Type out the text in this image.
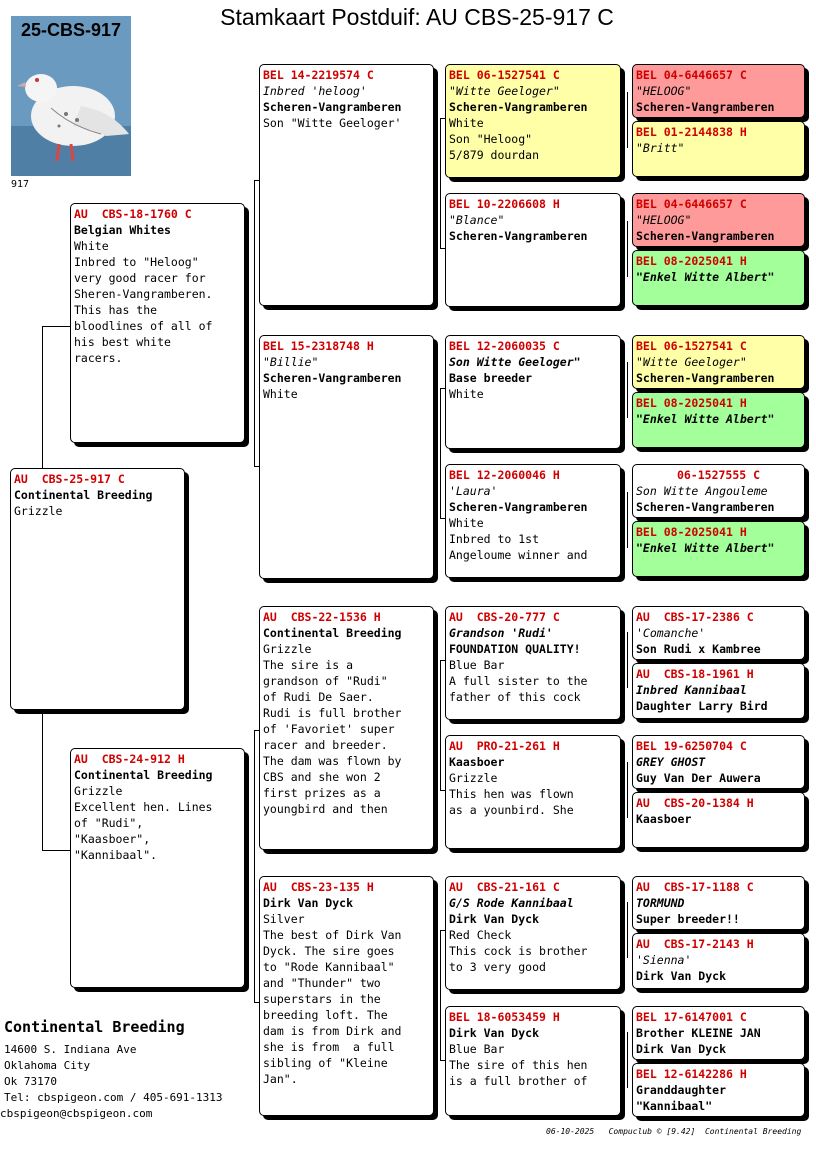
Stamkaart Postduif: AU CBS-25-917 C
25-CBS-917
917
AU  CBS-25-917 C
Continental Breeding
Grizzle
AU  CBS-18-1760 C
Belgian Whites
White
Inbred to "Heloog"
very good racer for
Sheren-Vangramberen.
This has the
bloodlines of all of
his best white
racers.
AU  CBS-24-912 H
Continental Breeding
Grizzle
Excellent hen. Lines
of "Rudi",
"Kaasboer",
"Kannibaal".
BEL 14-2219574 C
Inbred 'heloog'
Scheren-Vangramberen
Son "Witte Geeloger'
BEL 15-2318748 H
"Billie"
Scheren-Vangramberen
White
AU  CBS-22-1536 H
Continental Breeding
Grizzle
The sire is a
grandson of "Rudi"
of Rudi De Saer.
Rudi is full brother
of 'Favoriet' super
racer and breeder.
The dam was flown by
CBS and she won 2
first prizes as a
youngbird and then
AU  CBS-23-135 H
Dirk Van Dyck
Silver
The best of Dirk Van
Dyck. The sire goes
to "Rode Kannibaal"
and "Thunder" two
superstars in the
breeding loft. The
dam is from Dirk and
she is from  a full
sibling of "Kleine
Jan".
BEL 06-1527541 C
"Witte Geeloger"
Scheren-Vangramberen
White
Son "Heloog"
5/879 dourdan
BEL 10-2206608 H
"Blance"
Scheren-Vangramberen
BEL 12-2060035 C
Son Witte Geeloger"
Base breeder
White
BEL 12-2060046 H
'Laura'
Scheren-Vangramberen
White
Inbred to 1st
Angeloume winner and
AU  CBS-20-777 C
Grandson 'Rudi'
FOUNDATION QUALITY!
Blue Bar
A full sister to the
father of this cock
AU  PRO-21-261 H
Kaasboer
Grizzle
This hen was flown
as a younbird. She
AU  CBS-21-161 C
G/S Rode Kannibaal
Dirk Van Dyck
Red Check
This cock is brother
to 3 very good
BEL 18-6053459 H
Dirk Van Dyck
Blue Bar
The sire of this hen
is a full brother of
BEL 04-6446657 C
"HELOOG"
Scheren-Vangramberen
BEL 01-2144838 H
"Britt"
BEL 04-6446657 C
"HELOOG"
Scheren-Vangramberen
BEL 08-2025041 H
"Enkel Witte Albert"
BEL 06-1527541 C
"Witte Geeloger"
Scheren-Vangramberen
BEL 08-2025041 H
"Enkel Witte Albert"
06-1527555 C
Son Witte Angouleme
Scheren-Vangramberen
BEL 08-2025041 H
"Enkel Witte Albert"
AU  CBS-17-2386 C
'Comanche'
Son Rudi x Kambree
AU  CBS-18-1961 H
Inbred Kannibaal
Daughter Larry Bird
BEL 19-6250704 C
GREY GHOST
Guy Van Der Auwera
AU  CBS-20-1384 H
Kaasboer
AU  CBS-17-1188 C
TORMUND
Super breeder!!
AU  CBS-17-2143 H
'Sienna'
Dirk Van Dyck
BEL 17-6147001 C
Brother KLEINE JAN
Dirk Van Dyck
BEL 12-6142286 H
Granddaughter
"Kannibaal"
Continental Breeding
14600 S. Indiana Ave
Oklahoma City
Ok 73170
Tel: cbspigeon.com / 405-691-1313
cbspigeon@cbspigeon.com
06-10-2025   Compuclub © [9.42]  Continental Breeding
